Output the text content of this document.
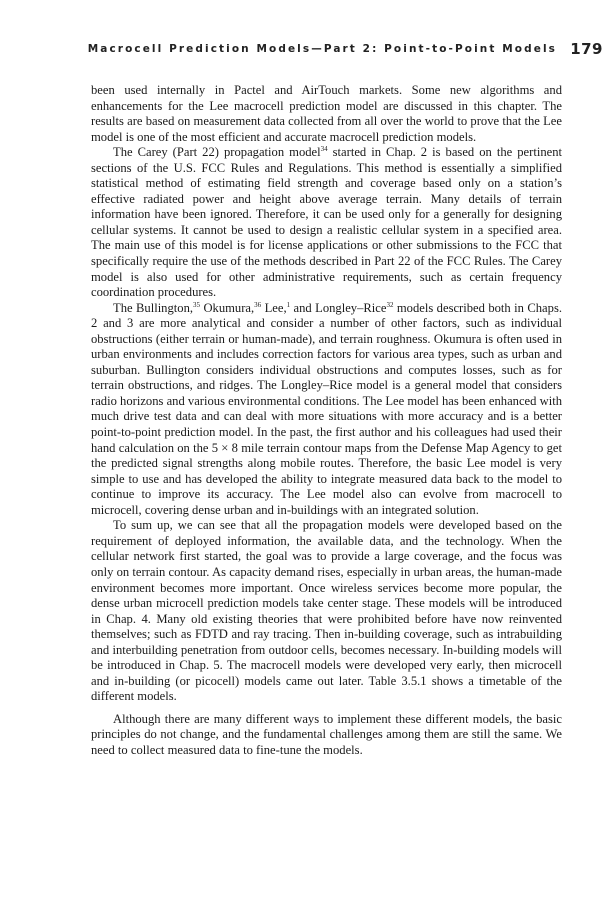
Macrocell Prediction Models—Part 2: Point-to-Point Models 179

been used internally in Pactel and AirTouch markets. Some new algorithms and enhancements for the Lee macrocell prediction model are discussed in this chapter. The results are based on measurement data collected from all over the world to prove that the Lee model is one of the most efficient and accurate macrocell prediction models.

The Carey (Part 22) propagation model$^{34}$ started in Chap. 2 is based on the pertinent sections of the U.S. FCC Rules and Regulations. This method is essentially a simplified statistical method of estimating field strength and coverage based only on a station’s effective radiated power and height above average terrain. Many details of terrain information have been ignored. Therefore, it can be used only for a generally for designing cellular systems. It cannot be used to design a realistic cellular system in a specified area. The main use of this model is for license applications or other submissions to the FCC that specifically require the use of the methods described in Part 22 of the FCC Rules. The Carey model is also used for other administrative requirements, such as certain frequency coordination procedures.

The Bullington,$^{35}$ Okumura,$^{36}$ Lee,$^1$ and Longley–Rice$^{32}$ models described both in Chaps. 2 and 3 are more analytical and consider a number of other factors, such as individual obstructions (either terrain or human-made), and terrain roughness. Okumura is often used in urban environments and includes correction factors for various area types, such as urban and suburban. Bullington considers individual obstructions and computes losses, such as for terrain obstructions, and ridges. The Longley–Rice model is a general model that considers radio horizons and various environmental conditions. The Lee model has been enhanced with much drive test data and can deal with more situations with more accuracy and is a better point-to-point prediction model. In the past, the first author and his colleagues had used their hand calculation on the 5 × 8 mile terrain contour maps from the Defense Map Agency to get the predicted signal strengths along mobile routes. Therefore, the basic Lee model is very simple to use and has developed the ability to integrate measured data back to the model to continue to improve its accuracy. The Lee model also can evolve from macrocell to microcell, covering dense urban and in-buildings with an integrated solution.

To sum up, we can see that all the propagation models were developed based on the requirement of deployed information, the available data, and the technology. When the cellular network first started, the goal was to provide a large coverage, and the focus was only on terrain contour. As capacity demand rises, especially in urban areas, the human-made environment becomes more important. Once wireless services become more popular, the dense urban microcell prediction models take center stage. These models will be introduced in Chap. 4. Many old existing theories that were prohibited before have now reinvented themselves; such as FDTD and ray tracing. Then in-building coverage, such as intrabuilding and interbuilding penetration from outdoor cells, becomes necessary. In-building models will be introduced in Chap. 5. The macrocell models were developed very early, then microcell and in-building (or picocell) models came out later. Table 3.5.1 shows a timetable of the different models.

Although there are many different ways to implement these different models, the basic principles do not change, and the fundamental challenges among them are still the same. We need to collect measured data to fine-tune the models.
